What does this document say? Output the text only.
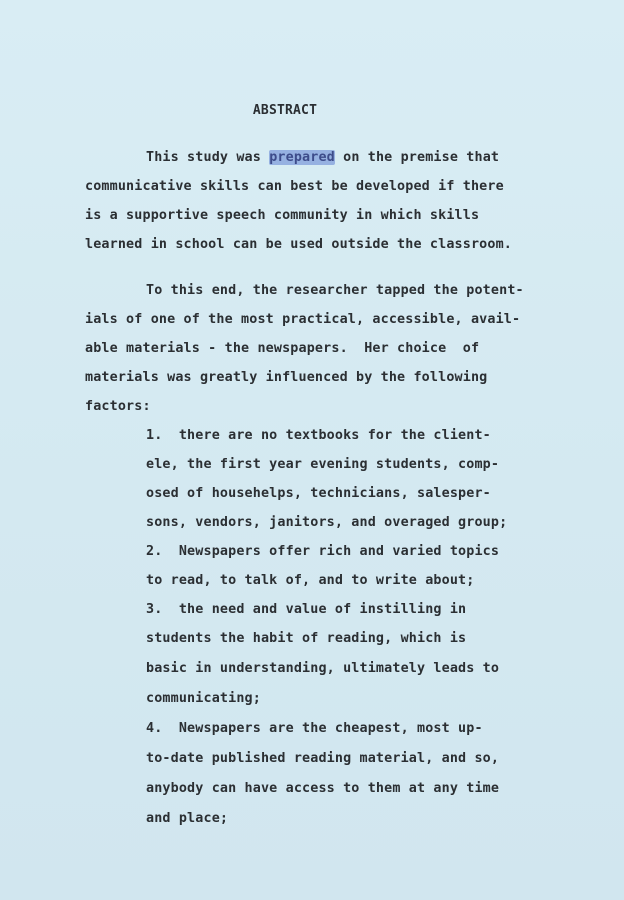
ABSTRACT
This study was prepared on the premise that
communicative skills can best be developed if there
is a supportive speech community in which skills
learned in school can be used outside the classroom.
To this end, the researcher tapped the potent-
ials of one of the most practical, accessible, avail-
able materials - the newspapers.  Her choice  of
materials was greatly influenced by the following
factors:
1.  there are no textbooks for the client-
ele, the first year evening students, comp-
osed of househelps, technicians, salesper-
sons, vendors, janitors, and overaged group;
2.  Newspapers offer rich and varied topics
to read, to talk of, and to write about;
3.  the need and value of instilling in
students the habit of reading, which is
basic in understanding, ultimately leads to
communicating;
4.  Newspapers are the cheapest, most up-
to-date published reading material, and so,
anybody can have access to them at any time
and place;
